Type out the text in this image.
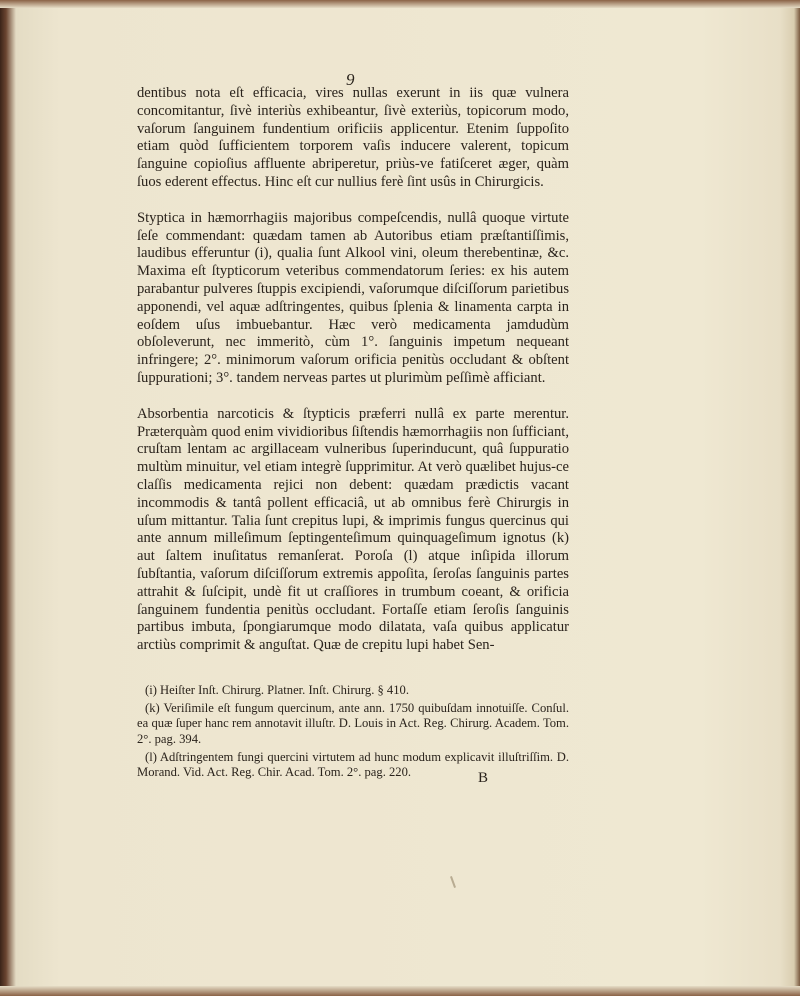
9

dentibus nota eſt efficacia, vires nullas exerunt in iis quæ vulnera concomitantur, ſivè interiùs exhibeantur, ſivè exteriùs, topicorum modo, vaſorum ſanguinem fundentium orificiis applicentur. Etenim ſuppoſito etiam quòd ſufficientem torporem vaſis inducere valerent, topicum ſanguine copioſius affluente abriperetur, priùs-ve fatiſceret æger, quàm ſuos ederent effectus. Hinc eſt cur nullius ferè ſint usûs in Chirurgicis.

Styptica in hæmorrhagiis majoribus compeſcendis, nullâ quoque virtute ſeſe commendant: quædam tamen ab Autoribus etiam præſtantiſſimis, laudibus efferuntur (i), qualia ſunt Alkool vini, oleum therebentinæ, &c. Maxima eſt ſtypticorum veteribus commendatorum ſeries: ex his autem parabantur pulveres ſtuppis excipiendi, vaſorumque diſciſſorum parietibus apponendi, vel aquæ adſtringentes, quibus ſplenia & linamenta carpta in eoſdem uſus imbuebantur. Hæc verò medicamenta jamdudùm obſoleverunt, nec immeritò, cùm 1°. ſanguinis impetum nequeant infringere; 2°. minimorum vaſorum orificia penitùs occludant & obſtent ſuppurationi; 3°. tandem nerveas partes ut plurimùm peſſimè afficiant.

Absorbentia narcoticis & ſtypticis præferri nullâ ex parte merentur. Præterquàm quod enim vividioribus ſiſtendis hæmorrhagiis non ſufficiant, cruſtam lentam ac argillaceam vulneribus ſuperinducunt, quâ ſuppuratio multùm minuitur, vel etiam integrè ſupprimitur. At verò quælibet hujus-ce claſſis medicamenta rejici non debent: quædam prædictis vacant incommodis & tantâ pollent efficaciâ, ut ab omnibus ferè Chirurgis in uſum mittantur. Talia ſunt crepitus lupi, & imprimis fungus quercinus qui ante annum milleſimum ſeptingenteſimum quinquageſimum ignotus (k) aut ſaltem inuſitatus remanſerat. Poroſa (l) atque inſipida illorum ſubſtantia, vaſorum diſciſſorum extremis appoſita, ſeroſas ſanguinis partes attrahit & ſuſcipit, undè fit ut craſſiores in trumbum coeant, & orificia ſanguinem fundentia penitùs occludant. Fortaſſe etiam ſeroſis ſanguinis partibus imbuta, ſpongiarumque modo dilatata, vaſa quibus applicatur arctiùs comprimit & anguſtat. Quæ de crepitu lupi habet Sen-

(i) Heiſter Inſt. Chirurg. Platner. Inſt. Chirurg. § 410.

(k) Veriſimile eſt fungum quercinum, ante ann. 1750 quibuſdam innotuiſſe. Conſul. ea quæ ſuper hanc rem annotavit illuſtr. D. Louis in Act. Reg. Chirurg. Academ. Tom. 2°. pag. 394.

(l) Adſtringentem fungi quercini virtutem ad hunc modum explicavit illuſtriſſim. D. Morand. Vid. Act. Reg. Chir. Acad. Tom. 2°. pag. 220.	B
